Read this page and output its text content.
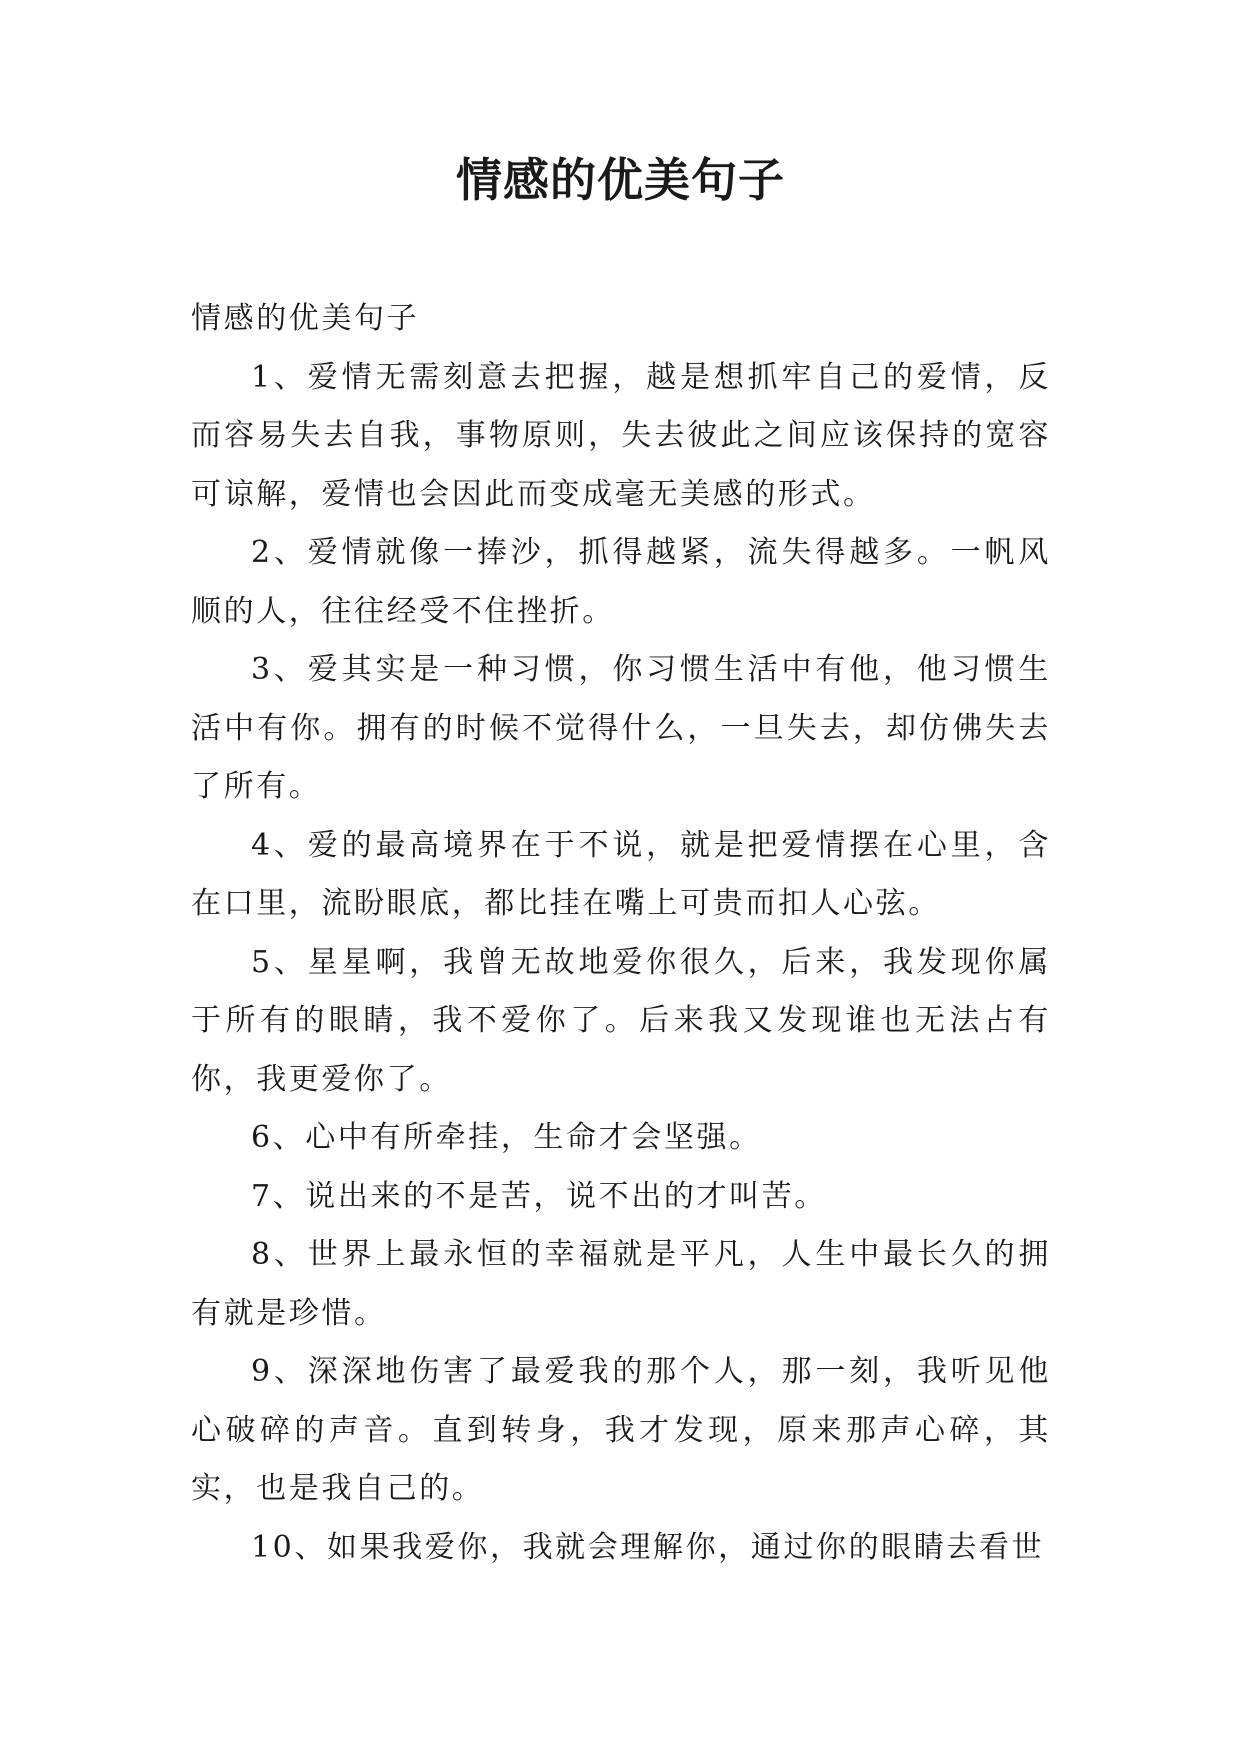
情感的优美句子

情感的优美句子

1、爱情无需刻意去把握，越是想抓牢自己的爱情，反而容易失去自我，事物原则，失去彼此之间应该保持的宽容可谅解，爱情也会因此而变成毫无美感的形式。

2、爱情就像一捧沙，抓得越紧，流失得越多。一帆风顺的人，往往经受不住挫折。

3、爱其实是一种习惯，你习惯生活中有他，他习惯生活中有你。拥有的时候不觉得什么，一旦失去，却仿佛失去了所有。

4、爱的最高境界在于不说，就是把爱情摆在心里，含在口里，流盼眼底，都比挂在嘴上可贵而扣人心弦。

5、星星啊，我曾无故地爱你很久，后来，我发现你属于所有的眼睛，我不爱你了。后来我又发现谁也无法占有你，我更爱你了。

6、心中有所牵挂，生命才会坚强。

7、说出来的不是苦，说不出的才叫苦。

8、世界上最永恒的幸福就是平凡，人生中最长久的拥有就是珍惜。

9、深深地伤害了最爱我的那个人，那一刻，我听见他心破碎的声音。直到转身，我才发现，原来那声心碎，其实，也是我自己的。

10、如果我爱你，我就会理解你，通过你的眼睛去看世
